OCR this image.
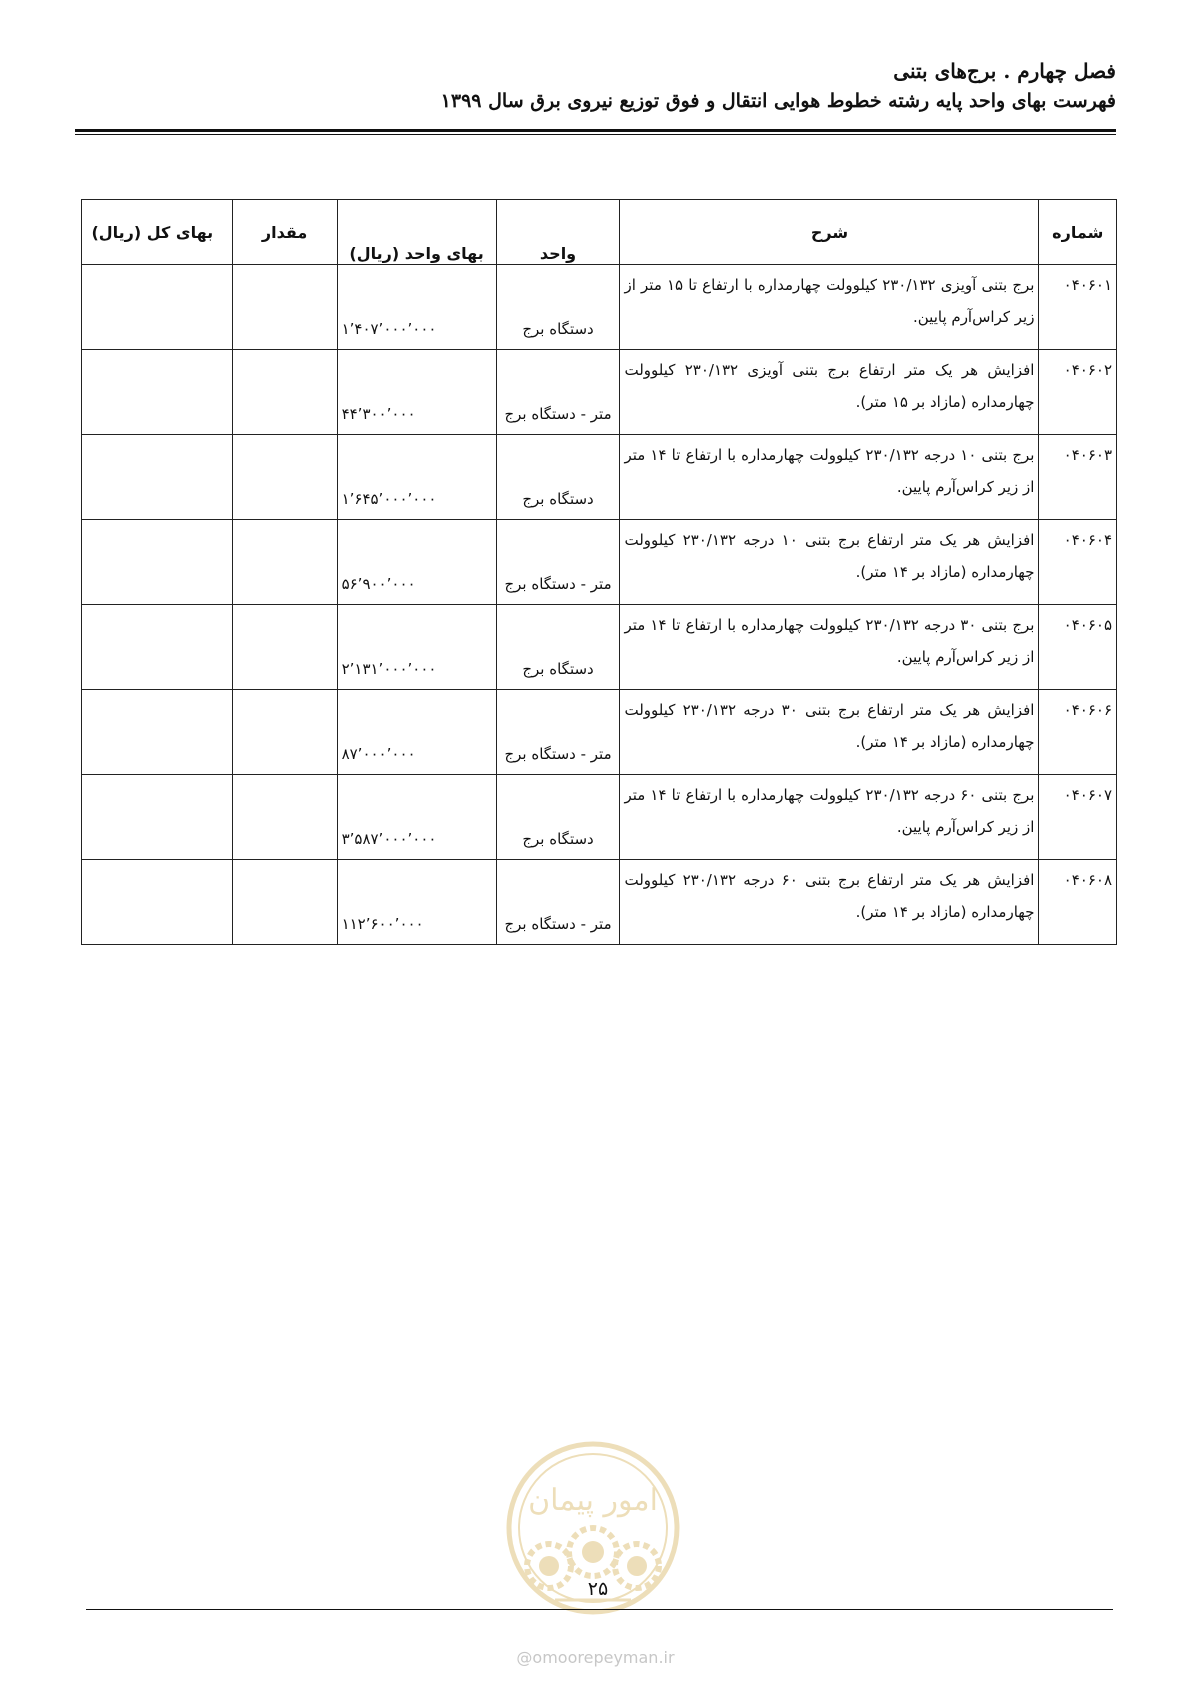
فصل چهارم . برج‌های بتنی
فهرست بهای واحد پایه رشته خطوط هوایی انتقال و فوق توزیع نیروی برق سال ۱۳۹۹
شماره	شرح	واحد	بهای واحد (ریال)	مقدار	بهای کل (ریال)
۰۴۰۶۰۱	برج بتنی آویزی ۲۳۰/۱۳۲ کیلوولت چهارمداره با ارتفاع تا ۱۵ متر از زیر کراس‌آرم پایین.	دستگاه برج	۱٬۴۰۷٬۰۰۰٬۰۰۰		
۰۴۰۶۰۲	افزایش هر یک متر ارتفاع برج بتنی آویزی ۲۳۰/۱۳۲ کیلوولت چهارمداره (مازاد بر ۱۵ متر).	متر - دستگاه برج	۴۴٬۳۰۰٬۰۰۰		
۰۴۰۶۰۳	برج بتنی ۱۰ درجه ۲۳۰/۱۳۲ کیلوولت چهارمداره با ارتفاع تا ۱۴ متر از زیر کراس‌آرم پایین.	دستگاه برج	۱٬۶۴۵٬۰۰۰٬۰۰۰		
۰۴۰۶۰۴	افزایش هر یک متر ارتفاع برج بتنی ۱۰ درجه ۲۳۰/۱۳۲ کیلوولت چهارمداره (مازاد بر ۱۴ متر).	متر - دستگاه برج	۵۶٬۹۰۰٬۰۰۰		
۰۴۰۶۰۵	برج بتنی ۳۰ درجه ۲۳۰/۱۳۲ کیلوولت چهارمداره با ارتفاع تا ۱۴ متر از زیر کراس‌آرم پایین.	دستگاه برج	۲٬۱۳۱٬۰۰۰٬۰۰۰		
۰۴۰۶۰۶	افزایش هر یک متر ارتفاع برج بتنی ۳۰ درجه ۲۳۰/۱۳۲ کیلوولت چهارمداره (مازاد بر ۱۴ متر).	متر - دستگاه برج	۸۷٬۰۰۰٬۰۰۰		
۰۴۰۶۰۷	برج بتنی ۶۰ درجه ۲۳۰/۱۳۲ کیلوولت چهارمداره با ارتفاع تا ۱۴ متر از زیر کراس‌آرم پایین.	دستگاه برج	۳٬۵۸۷٬۰۰۰٬۰۰۰		
۰۴۰۶۰۸	افزایش هر یک متر ارتفاع برج بتنی ۶۰ درجه ۲۳۰/۱۳۲ کیلوولت چهارمداره (مازاد بر ۱۴ متر).	متر - دستگاه برج	۱۱۲٬۶۰۰٬۰۰۰		
امور پیمان
۲۵
@omoorepeyman.ir
